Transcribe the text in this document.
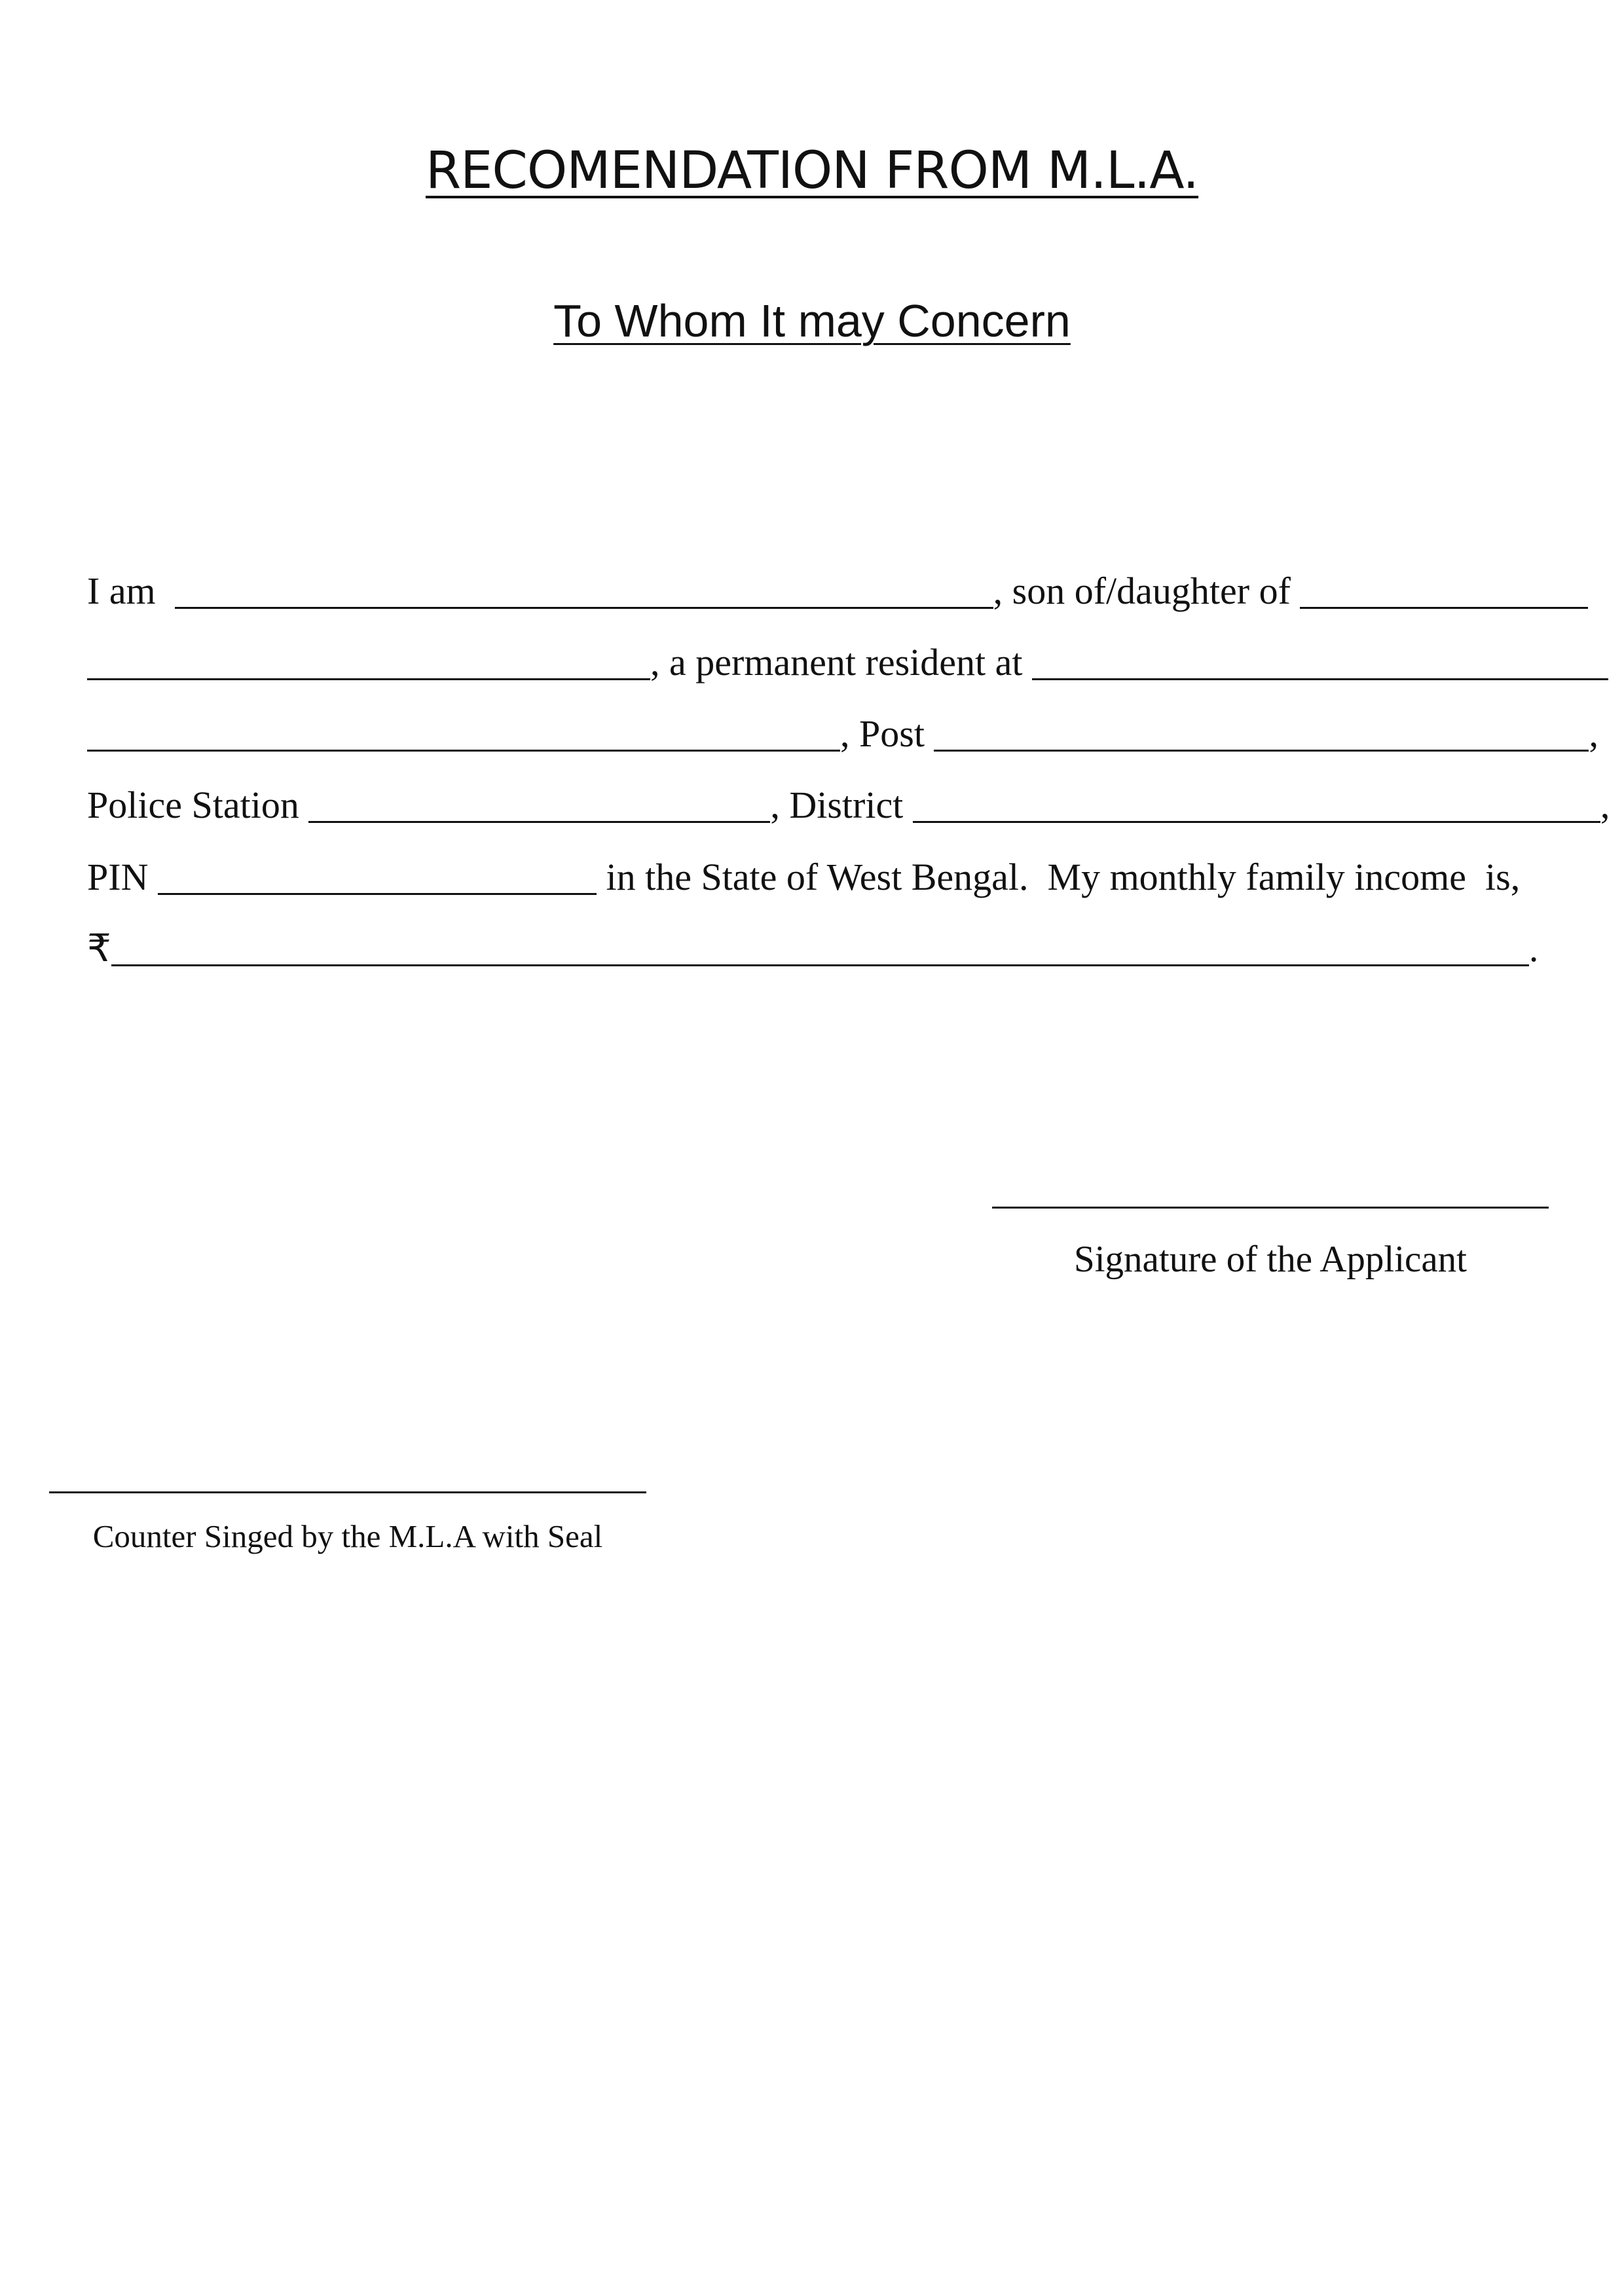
RECOMENDATION FROM M.L.A.
To Whom It may Concern

I am	, son of/daughter of

, a permanent resident at

, Post	,

Police Station	, District	,

PIN	in the State of West Bengal.  My monthly family income  is,

₹	.

Signature of the Applicant
Counter Singed by the M.L.A with Seal
